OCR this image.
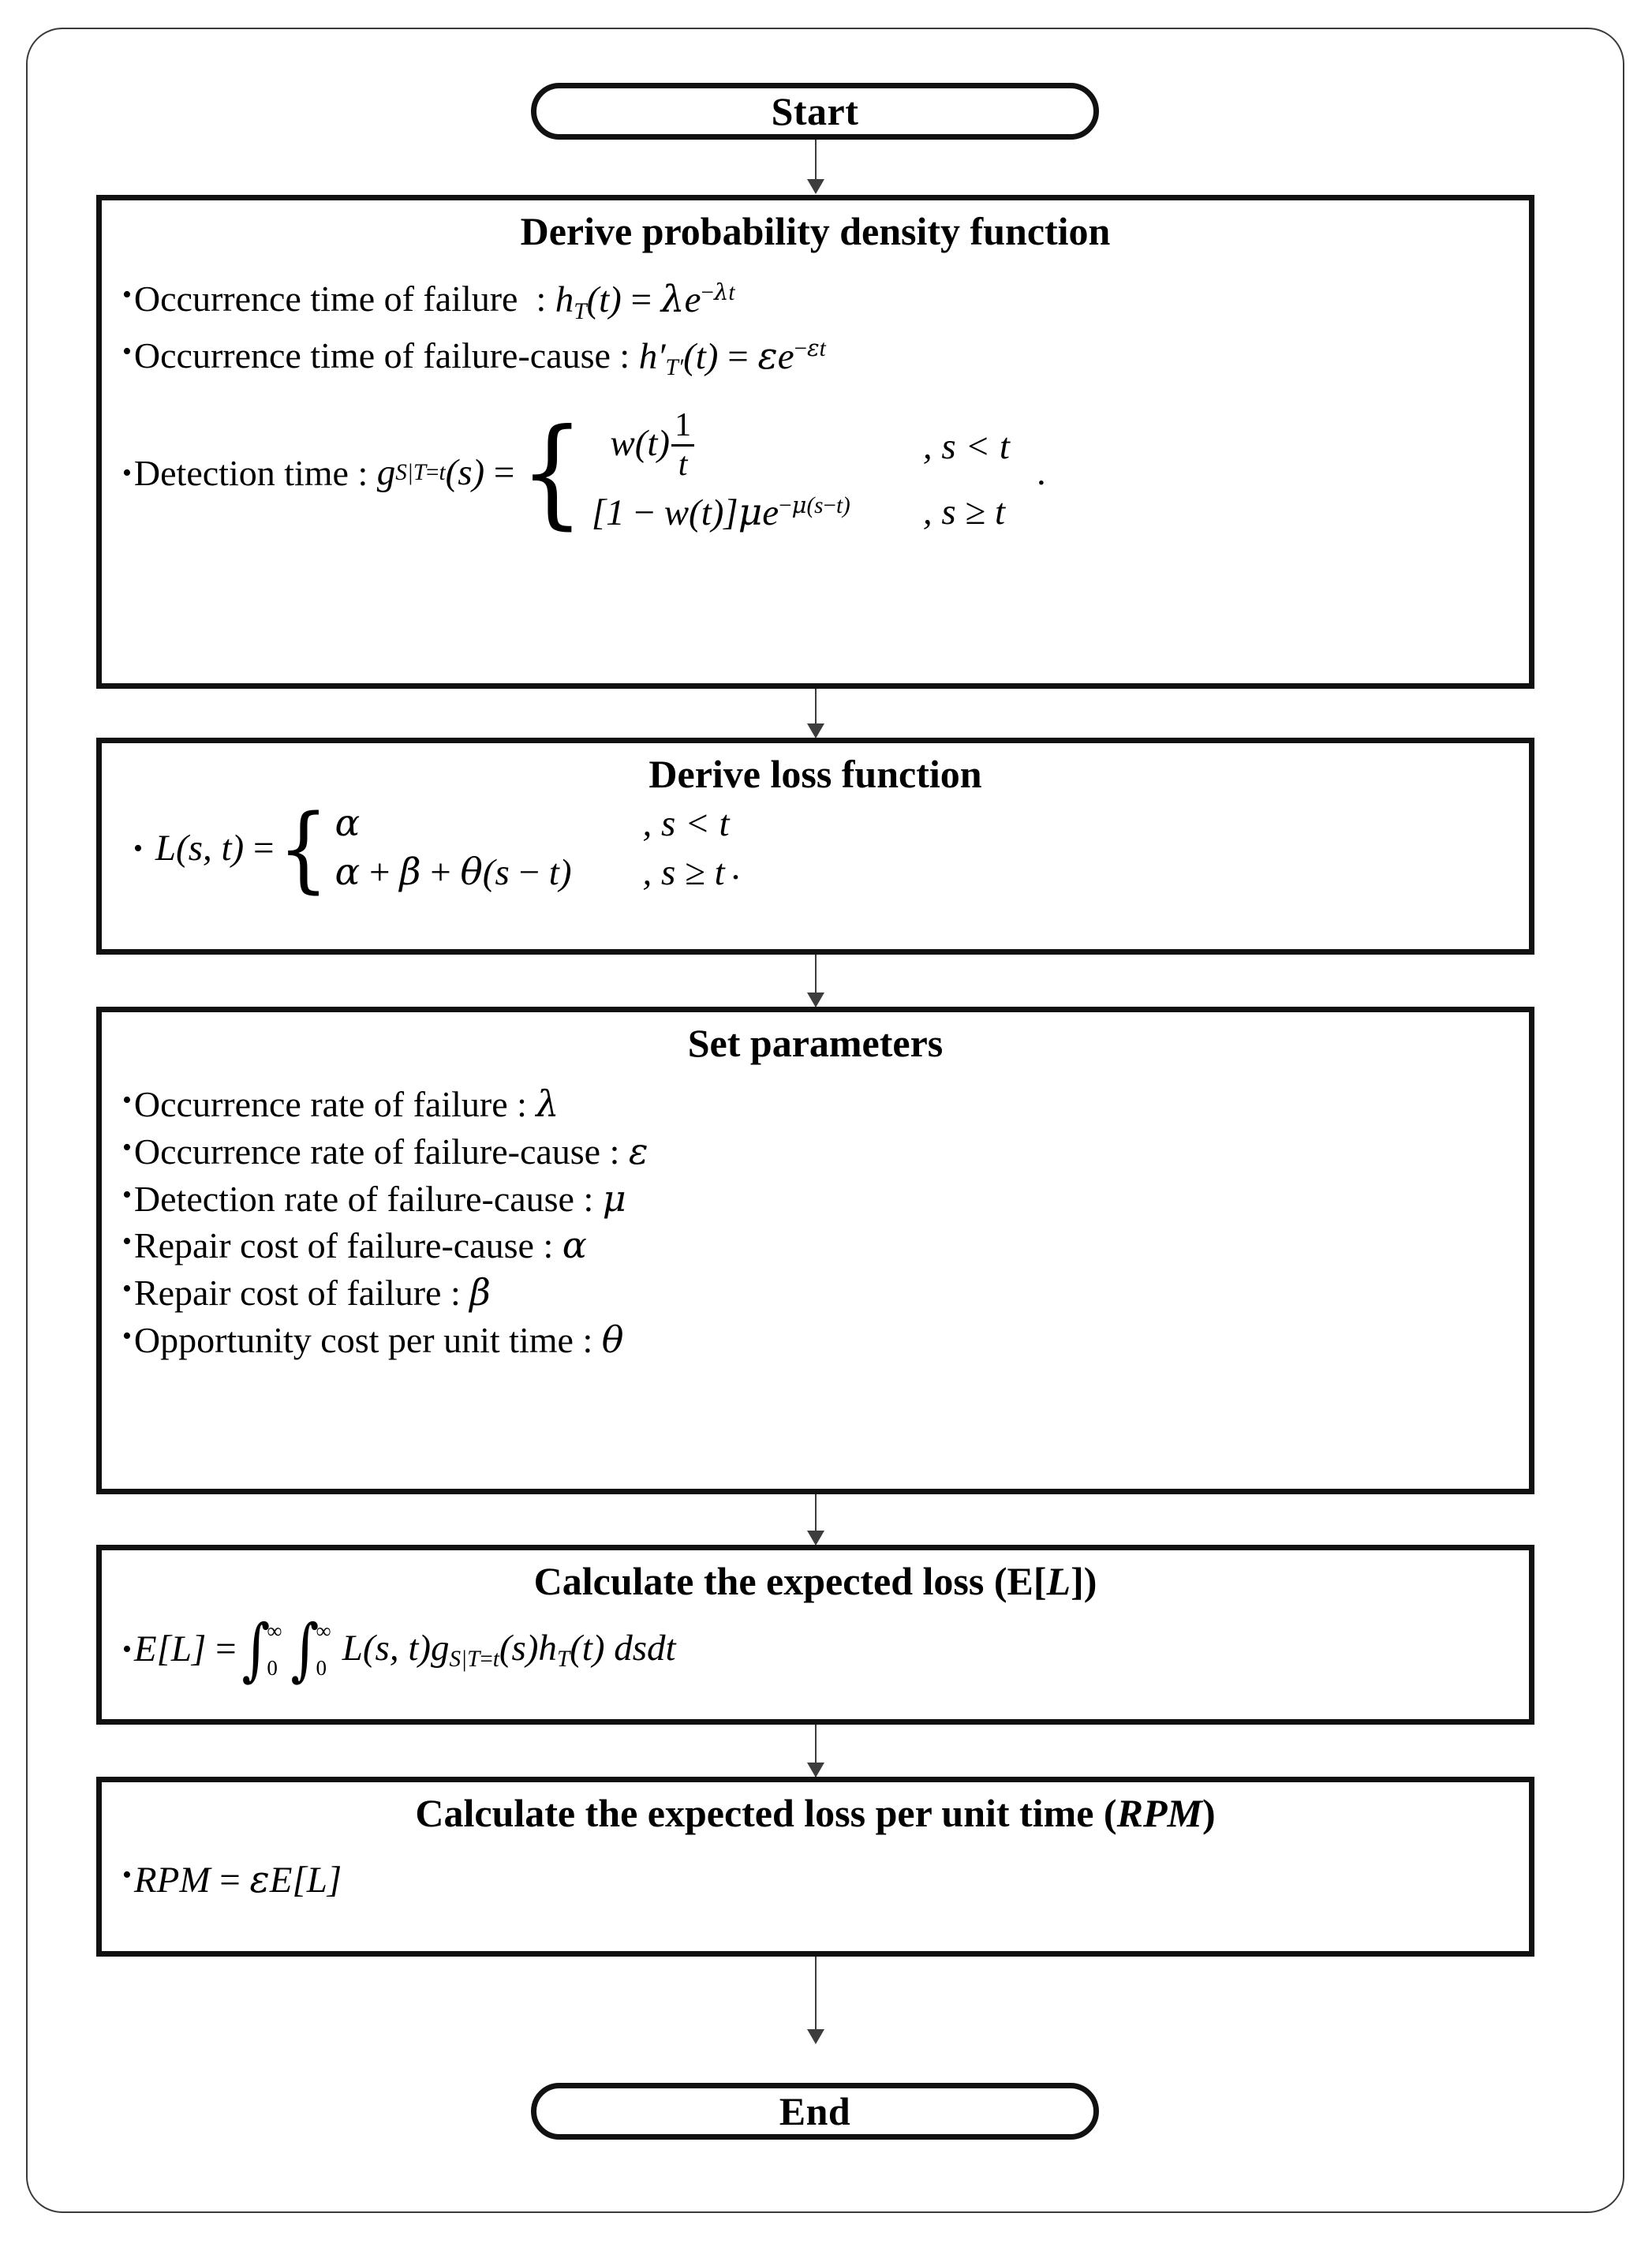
Start
Derive probability density function
• Occurrence time of failure  : hT(t) = λe−λt
• Occurrence time of failure-cause : h′T′(t) = εe−εt
• Detection time : g S|T=t (s) = { $w(t) \frac{1}{t}$	, s < t
[1 − w(t)]μe−μ(s−t)	, s ≥ t
.
Derive loss function
• L(s, t) = { α	, s < t
α + β + θ(s − t)	, s ≥ t .
Set parameters
• Occurrence rate of failure : λ
• Occurrence rate of failure-cause : ε
• Detection rate of failure-cause : μ
• Repair cost of failure-cause : α
• Repair cost of failure : β
• Opportunity cost per unit time : θ
Calculate the expected loss (E[L])
• E[L] = ∫
∞
0 ∫
∞
0 L(s, t)gS|T=t(s)hT(t) dsdt
Calculate the expected loss per unit time (RPM)
• RPM = εE[L]
End
